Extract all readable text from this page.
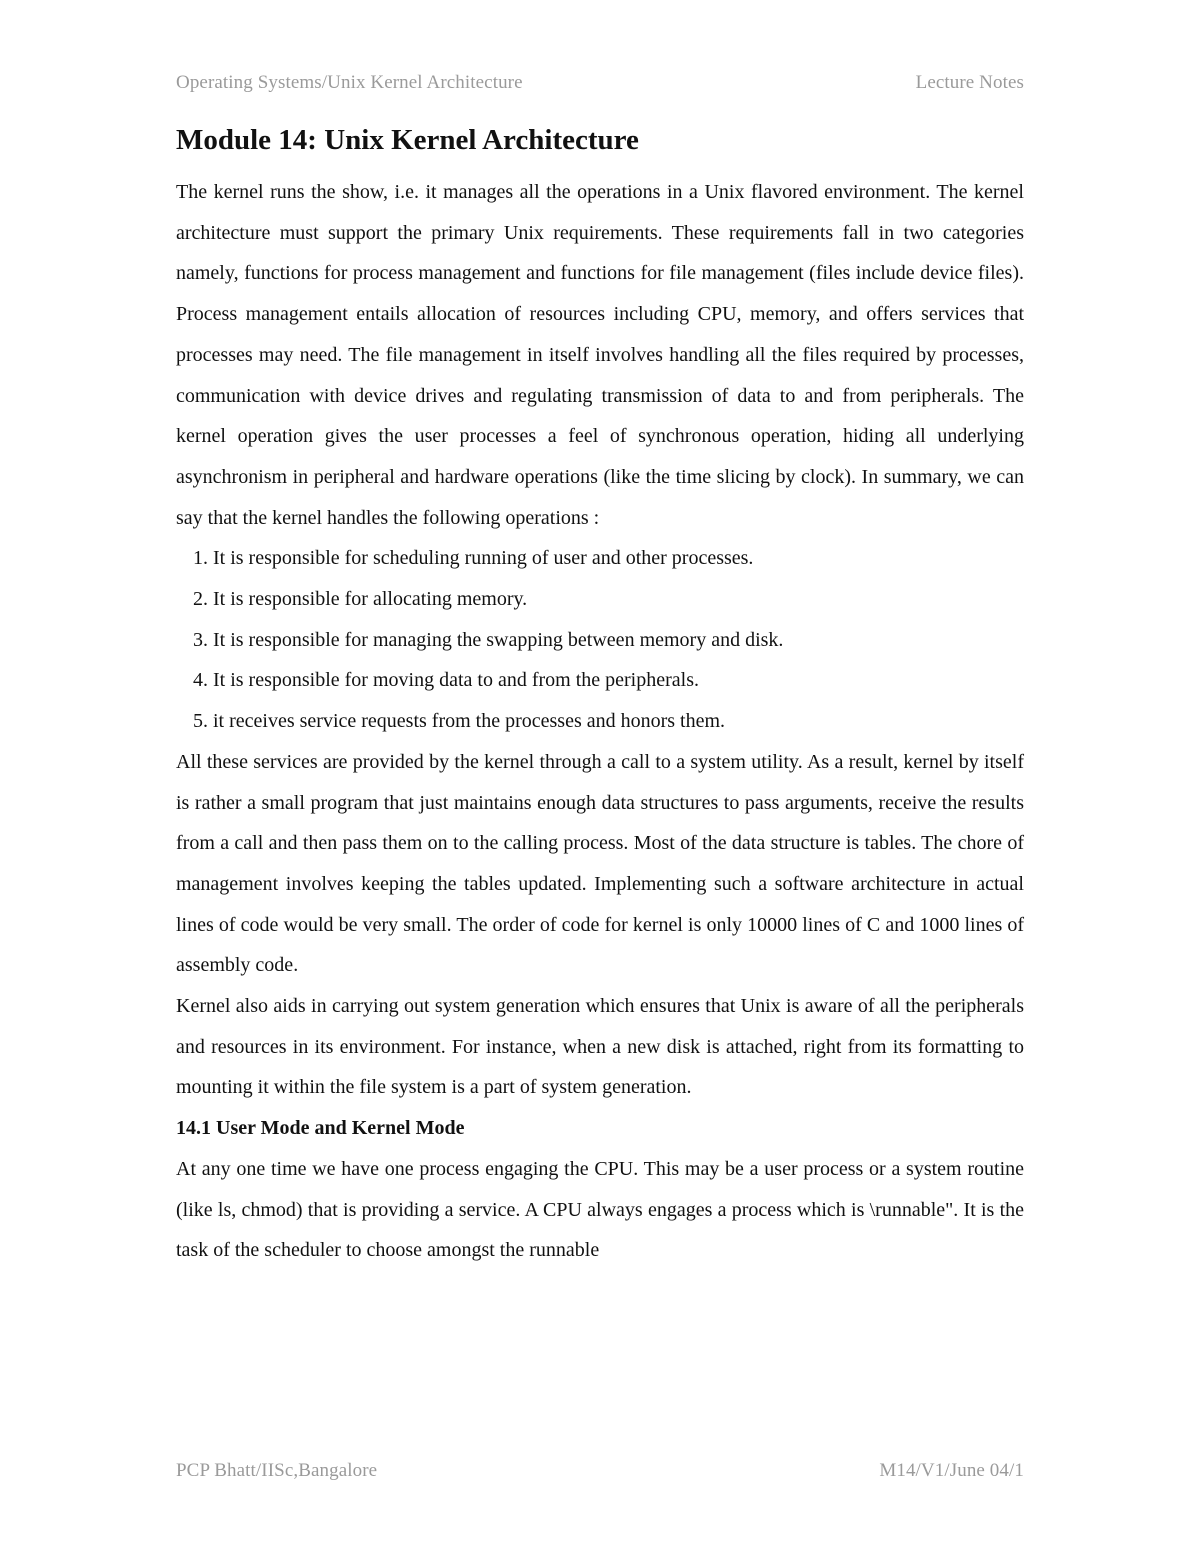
Operating Systems/Unix Kernel Architecture	Lecture Notes
Module 14: Unix Kernel Architecture

The kernel runs the show, i.e. it manages all the operations in a Unix flavored environment. The kernel architecture must support the primary Unix requirements. These requirements fall in two categories namely, functions for process management and functions for file management (files include device files). Process management entails allocation of resources including CPU, memory, and offers services that processes may need. The file management in itself involves handling all the files required by processes, communication with device drives and regulating transmission of data to and from peripherals. The kernel operation gives the user processes a feel of synchronous operation, hiding all underlying asynchronism in peripheral and hardware operations (like the time slicing by clock). In summary, we can say that the kernel handles the following operations :

1. It is responsible for scheduling running of user and other processes.
2. It is responsible for allocating memory.
3. It is responsible for managing the swapping between memory and disk.
4. It is responsible for moving data to and from the peripherals.
5. it receives service requests from the processes and honors them.

All these services are provided by the kernel through a call to a system utility. As a result, kernel by itself is rather a small program that just maintains enough data structures to pass arguments, receive the results from a call and then pass them on to the calling process. Most of the data structure is tables. The chore of management involves keeping the tables updated. Implementing such a software architecture in actual lines of code would be very small. The order of code for kernel is only 10000 lines of C and 1000 lines of assembly code.

Kernel also aids in carrying out system generation which ensures that Unix is aware of all the peripherals and resources in its environment. For instance, when a new disk is attached, right from its formatting to mounting it within the file system is a part of system generation.

14.1 User Mode and Kernel Mode

At any one time we have one process engaging the CPU. This may be a user process or a system routine (like ls, chmod) that is providing a service. A CPU always engages a process which is \runnable". It is the task of the scheduler to choose amongst the runnable

PCP Bhatt/IISc,Bangalore	M14/V1/June 04/1
